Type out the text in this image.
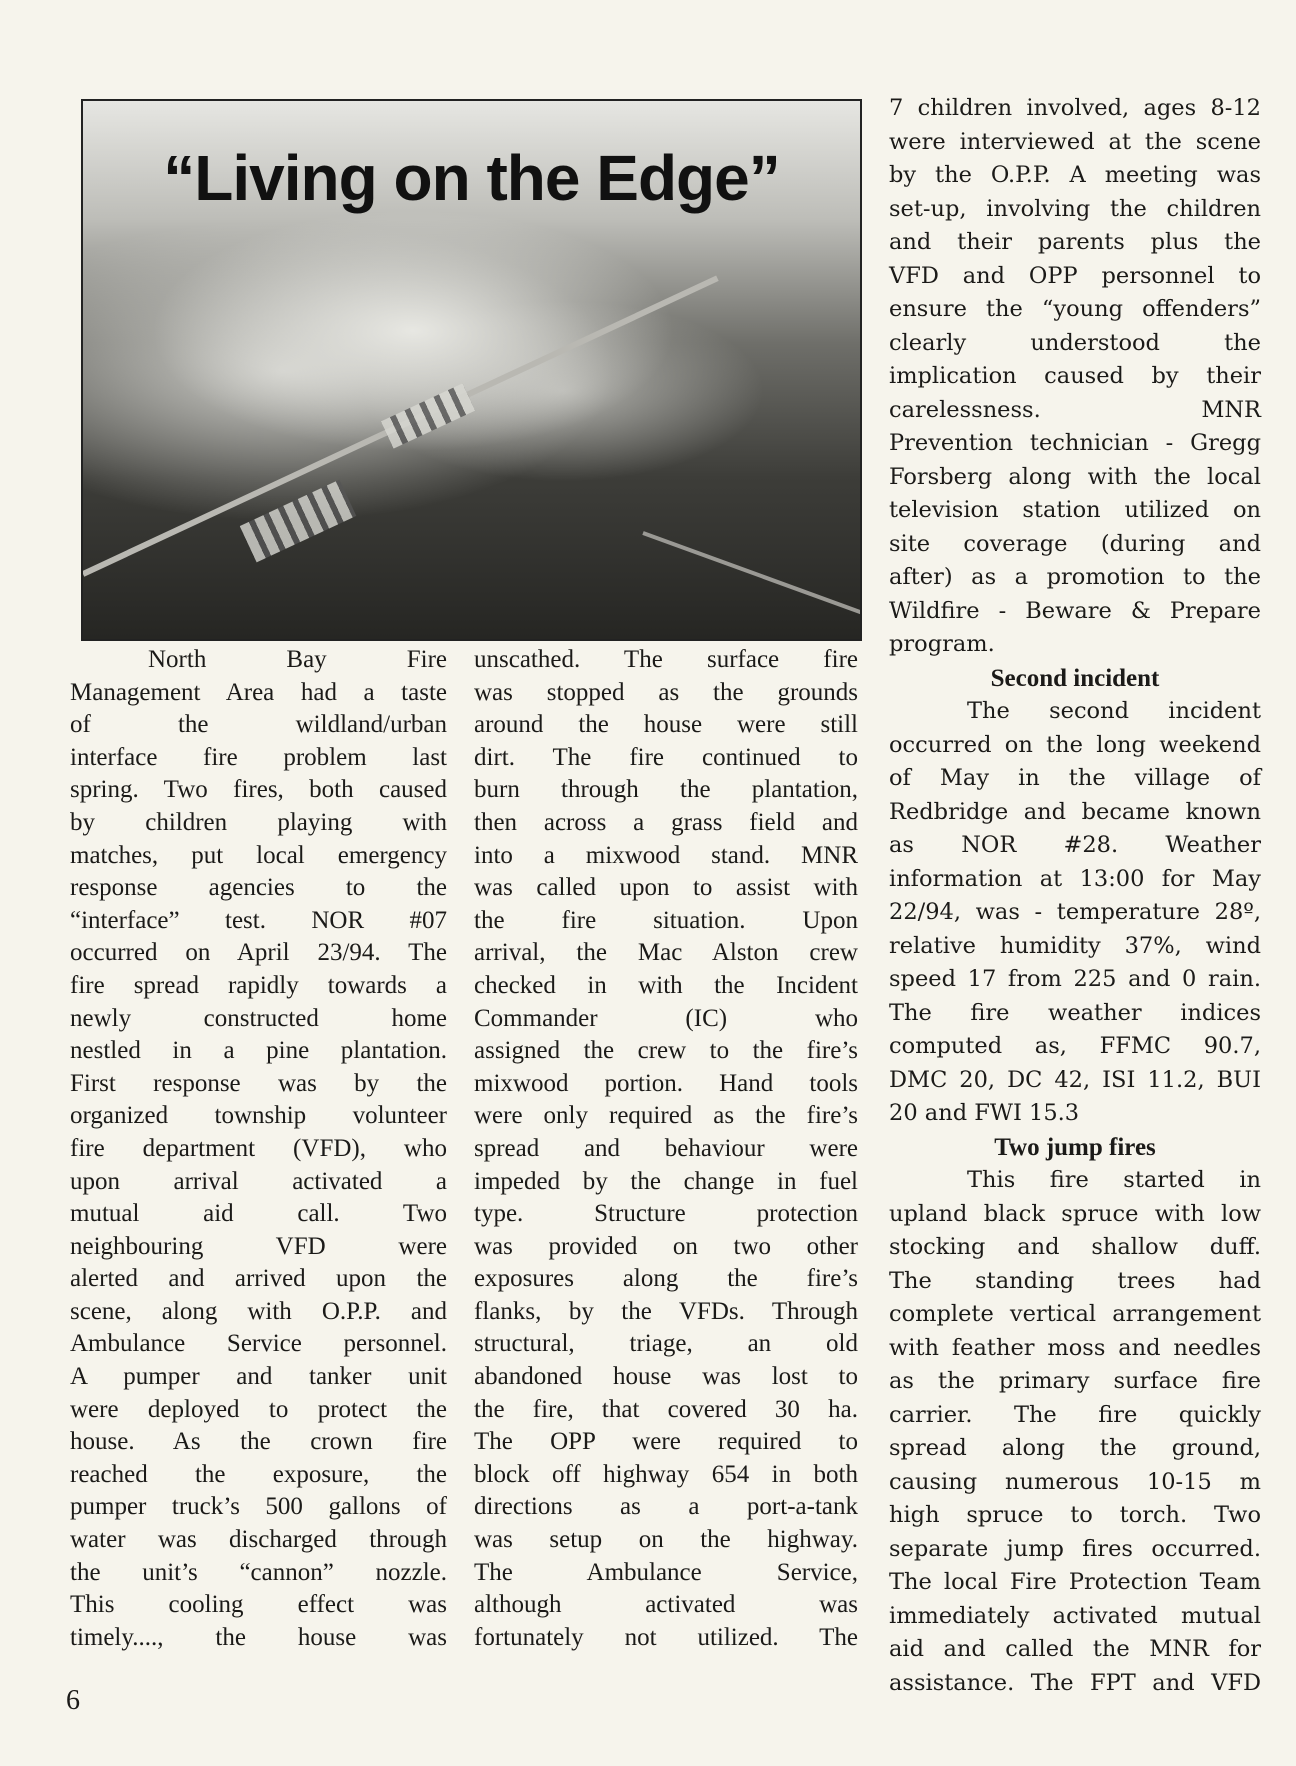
“Living on the Edge”
North Bay Fire
Management Area had a taste
of the wildland/urban
interface fire problem last
spring. Two fires, both caused
by children playing with
matches, put local emergency
response agencies to the
“interface” test. NOR #07
occurred on April 23/94. The
fire spread rapidly towards a
newly constructed home
nestled in a pine plantation.
First response was by the
organized township volunteer
fire department (VFD), who
upon arrival activated a
mutual aid call. Two
neighbouring VFD were
alerted and arrived upon the
scene, along with O.P.P. and
Ambulance Service personnel.
A pumper and tanker unit
were deployed to protect the
house. As the crown fire
reached the exposure, the
pumper truck’s 500 gallons of
water was discharged through
the unit’s “cannon” nozzle.
This cooling effect was
timely...., the house was
unscathed. The surface fire
was stopped as the grounds
around the house were still
dirt. The fire continued to
burn through the plantation,
then across a grass field and
into a mixwood stand. MNR
was called upon to assist with
the fire situation. Upon
arrival, the Mac Alston crew
checked in with the Incident
Commander (IC) who
assigned the crew to the fire’s
mixwood portion. Hand tools
were only required as the fire’s
spread and behaviour were
impeded by the change in fuel
type. Structure protection
was provided on two other
exposures along the fire’s
flanks, by the VFDs. Through
structural, triage, an old
abandoned house was lost to
the fire, that covered 30 ha.
The OPP were required to
block off highway 654 in both
directions as a port-a-tank
was setup on the highway.
The Ambulance Service,
although activated was
fortunately not utilized. The
7 children involved, ages 8-12
were interviewed at the scene
by the O.P.P. A meeting was
set-up, involving the children
and their parents plus the
VFD and OPP personnel to
ensure the “young offenders”
clearly understood the
implication caused by their
carelessness. MNR
Prevention technician - Gregg
Forsberg along with the local
television station utilized on
site coverage (during and
after) as a promotion to the
Wildfire - Beware & Prepare
program.
Second incident
The second incident
occurred on the long weekend
of May in the village of
Redbridge and became known
as NOR #28. Weather
information at 13:00 for May
22/94, was - temperature 28º,
relative humidity 37%, wind
speed 17 from 225 and 0 rain.
The fire weather indices
computed as, FFMC 90.7,
DMC 20, DC 42, ISI 11.2, BUI
20 and FWI 15.3
Two jump fires
This fire started in
upland black spruce with low
stocking and shallow duff.
The standing trees had
complete vertical arrangement
with feather moss and needles
as the primary surface fire
carrier. The fire quickly
spread along the ground,
causing numerous 10-15 m
high spruce to torch. Two
separate jump fires occurred.
The local Fire Protection Team
immediately activated mutual
aid and called the MNR for
assistance. The FPT and VFD
6
